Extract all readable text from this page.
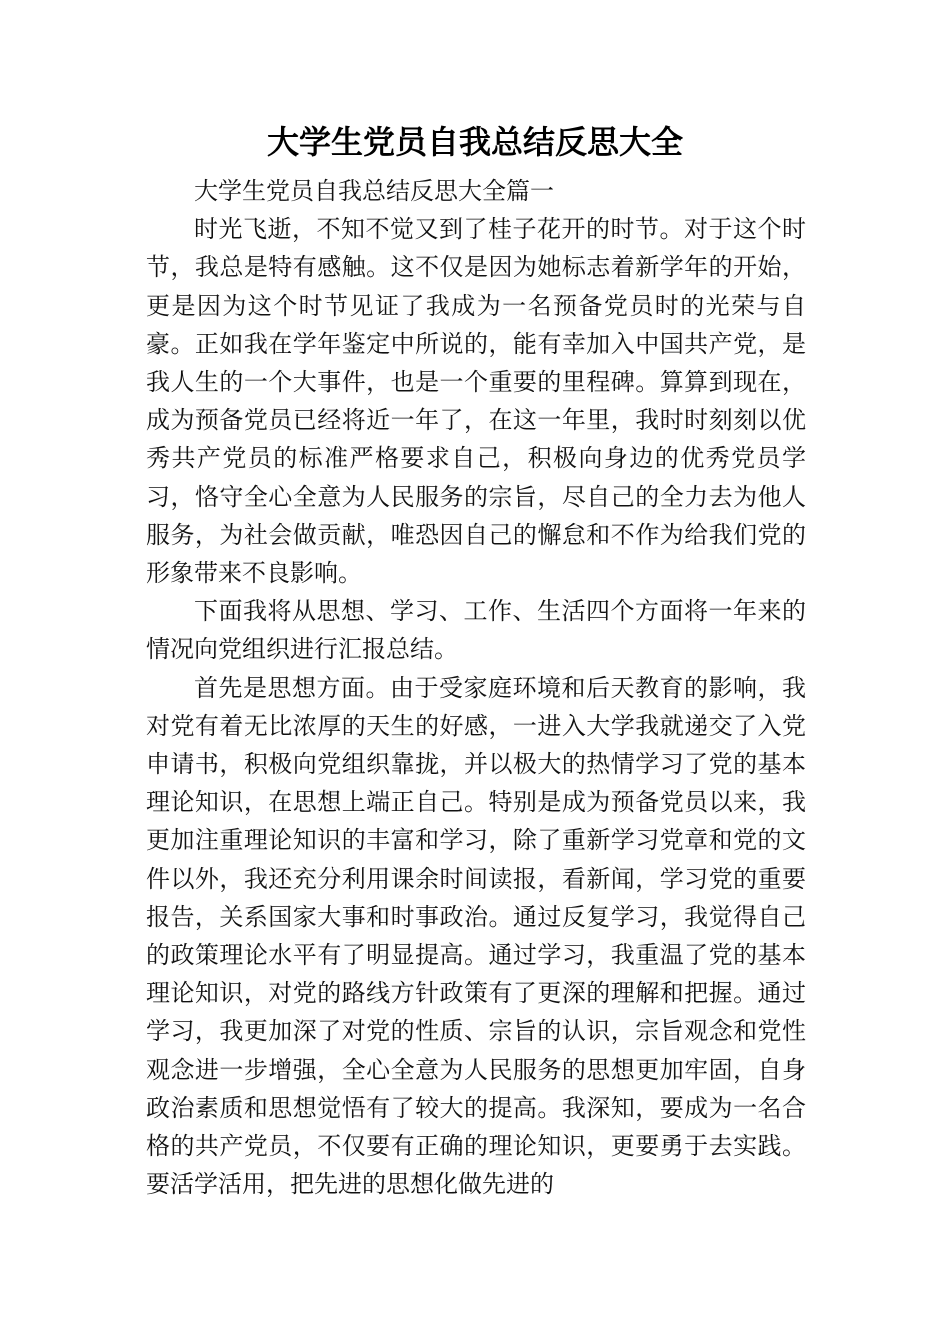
大学生党员自我总结反思大全

大学生党员自我总结反思大全篇一

时光飞逝，不知不觉又到了桂子花开的时节。对于这个时节，我总是特有感触。这不仅是因为她标志着新学年的开始，更是因为这个时节见证了我成为一名预备党员时的光荣与自豪。正如我在学年鉴定中所说的，能有幸加入中国共产党，是我人生的一个大事件，也是一个重要的里程碑。算算到现在，成为预备党员已经将近一年了，在这一年里，我时时刻刻以优秀共产党员的标准严格要求自己，积极向身边的优秀党员学习，恪守全心全意为人民服务的宗旨，尽自己的全力去为他人服务，为社会做贡献，唯恐因自己的懈怠和不作为给我们党的形象带来不良影响。

下面我将从思想、学习、工作、生活四个方面将一年来的情况向党组织进行汇报总结。

首先是思想方面。由于受家庭环境和后天教育的影响，我对党有着无比浓厚的天生的好感，一进入大学我就递交了入党申请书，积极向党组织靠拢，并以极大的热情学习了党的基本理论知识，在思想上端正自己。特别是成为预备党员以来，我更加注重理论知识的丰富和学习，除了重新学习党章和党的文件以外，我还充分利用课余时间读报，看新闻，学习党的重要报告，关系国家大事和时事政治。通过反复学习，我觉得自己的政策理论水平有了明显提高。通过学习，我重温了党的基本理论知识，对党的路线方针政策有了更深的理解和把握。通过学习，我更加深了对党的性质、宗旨的认识，宗旨观念和党性观念进一步增强，全心全意为人民服务的思想更加牢固，自身政治素质和思想觉悟有了较大的提高。我深知，要成为一名合格的共产党员，不仅要有正确的理论知识，更要勇于去实践。要活学活用，把先进的思想化做先进的
